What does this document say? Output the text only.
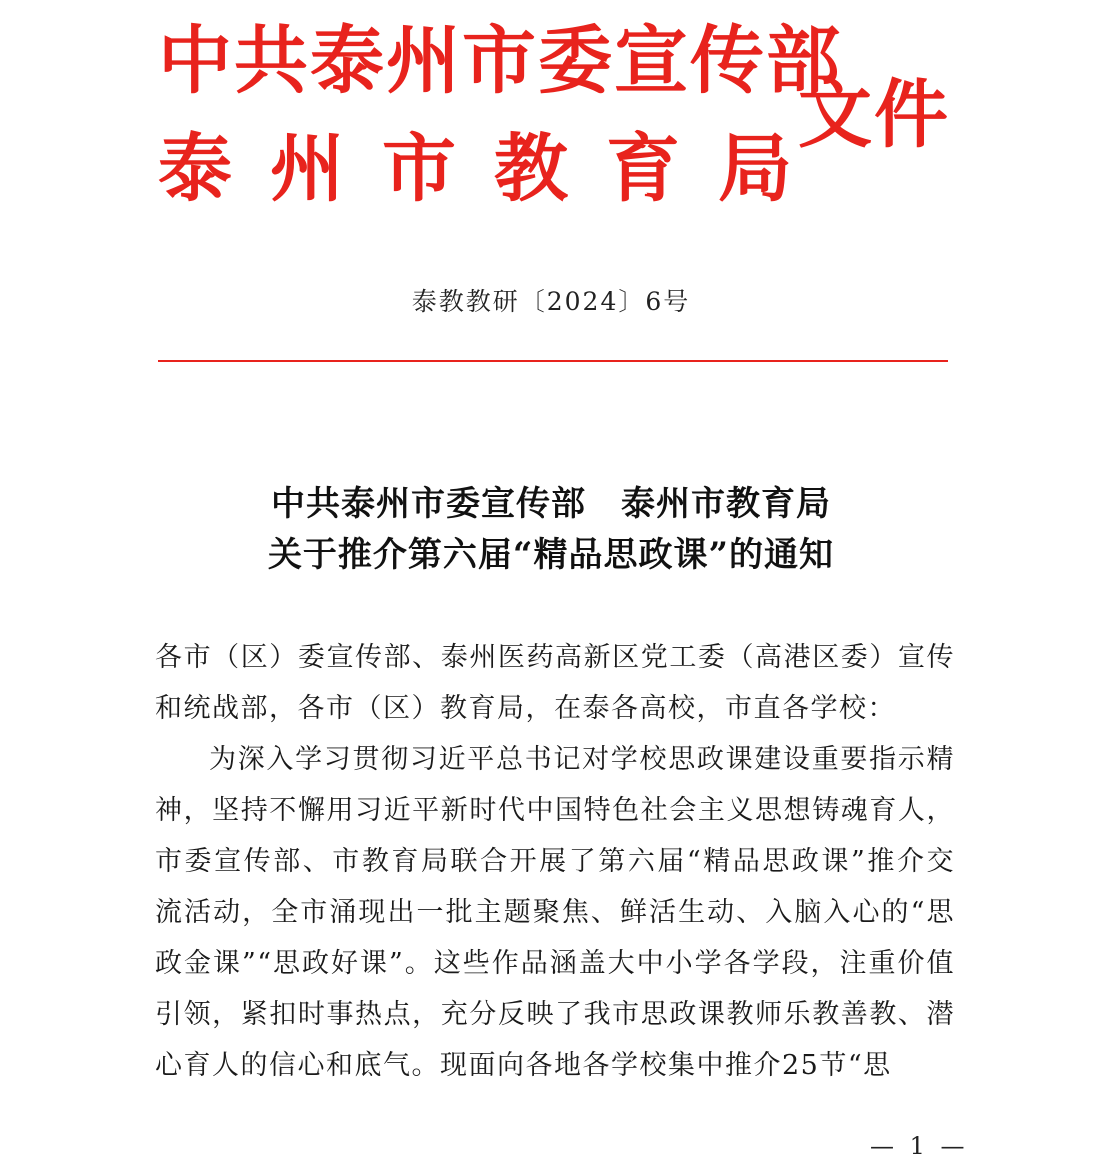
中共泰州市委宣传部
泰州市教育局
文件
泰教教研〔2024〕6号
中共泰州市委宣传部　泰州市教育局
关于推介第六届“精品思政课”的通知

各市（区）委宣传部、泰州医药高新区党工委（高港区委）宣传和统战部，各市（区）教育局，在泰各高校，市直各学校：

为深入学习贯彻习近平总书记对学校思政课建设重要指示精神，坚持不懈用习近平新时代中国特色社会主义思想铸魂育人，市委宣传部、市教育局联合开展了第六届“精品思政课”推介交流活动，全市涌现出一批主题聚焦、鲜活生动、入脑入心的“思政金课”“思政好课”。这些作品涵盖大中小学各学段，注重价值引领，紧扣时事热点，充分反映了我市思政课教师乐教善教、潜心育人的信心和底气。现面向各地各学校集中推介25节“思

— 1 —
